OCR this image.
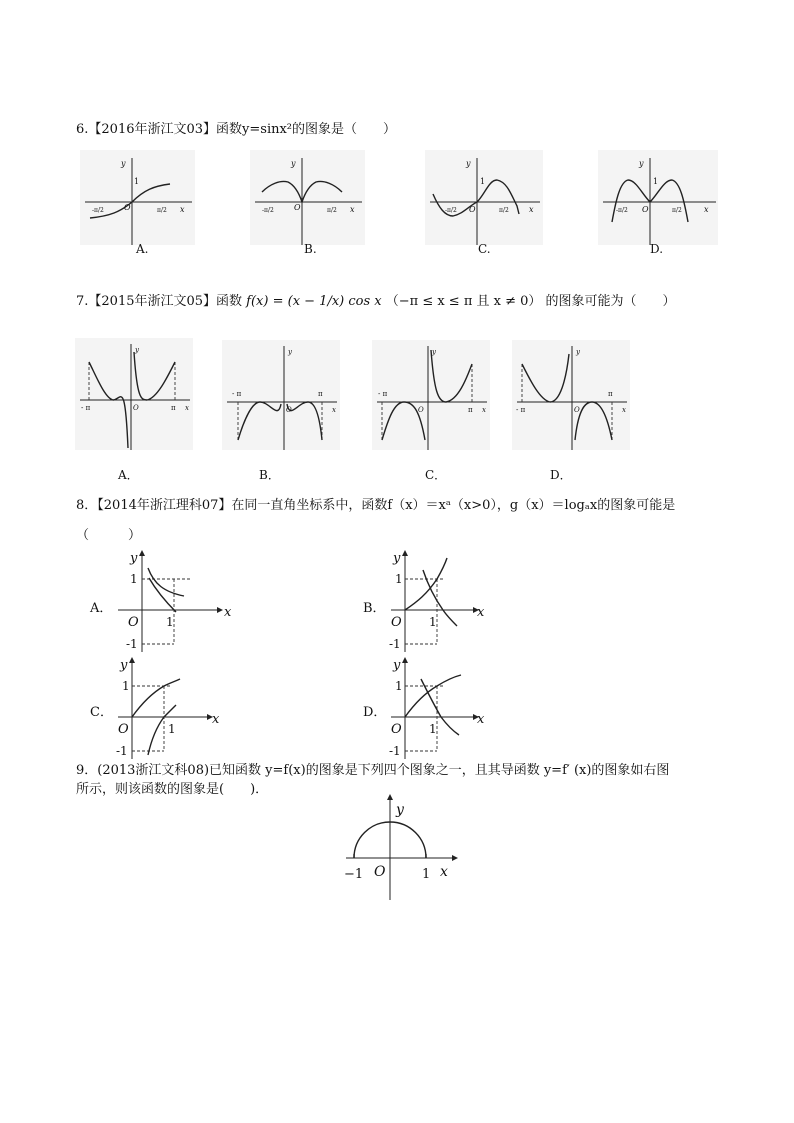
6.【2016年浙江文03】函数y=sinx²的图象是（　　）
x
y
1
O
-π/2	π/2
A.
x
y
O
-π/2	π/2
B.
x
y
1
O
-π/2	π/2
C.
x
y
1
O
-π/2	π/2
D.
7.【2015年浙江文05】函数 f(x) = (x − 1/x) cos x （−π ≤ x ≤ π 且 x ≠ 0） 的图象可能为（　　）
x
y
O
- π	π
A．
x
y
O
- π	π
B．
x
y
O
- π
π
C．
x
y
O
- π
π
D．
8．【2014年浙江理科07】在同一直角坐标系中，函数f（x）＝xᵃ（x>0），g（x）＝logₐx的图象可能是
（　　　）
A．	x
y
1
O 1
-1
B．	x
y
1
O 1
-1
C．	x
y
1
O	1
-1
D．	x
y
1
O 1
-1
9．(2013浙江文科08)已知函数 y=f(x)的图象是下列四个图象之一，且其导函数 y=f′ (x)的图象如右图
所示，则该函数的图象是(　　)．
y
x
O
−1	1
